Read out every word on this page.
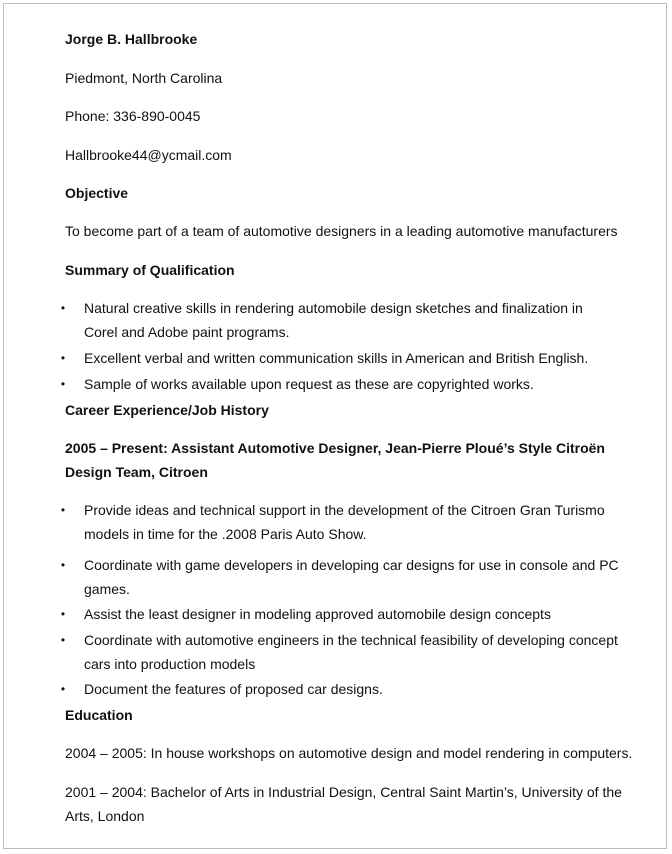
Jorge B. Hallbrooke
Piedmont, North Carolina
Phone: 336-890-0045
Hallbrooke44@ycmail.com
Objective
To become part of a team of automotive designers in a leading automotive manufacturers
Summary of Qualification
• Natural creative skills in rendering automobile design sketches and finalization in Corel and Adobe paint programs.
• Excellent verbal and written communication skills in American and British English.
• Sample of works available upon request as these are copyrighted works.
Career Experience/Job History
2005 – Present: Assistant Automotive Designer, Jean-Pierre Ploué’s Style Citroën Design Team, Citroen
• Provide ideas and technical support in the development of the Citroen Gran Turismo models in time for the .2008 Paris Auto Show.
• Coordinate with game developers in developing car designs for use in console and PC games.
• Assist the least designer in modeling approved automobile design concepts
• Coordinate with automotive engineers in the technical feasibility of developing concept cars into production models
• Document the features of proposed car designs.
Education
2004 – 2005: In house workshops on automotive design and model rendering in computers.
2001 – 2004: Bachelor of Arts in Industrial Design, Central Saint Martin’s, University of the Arts, London
